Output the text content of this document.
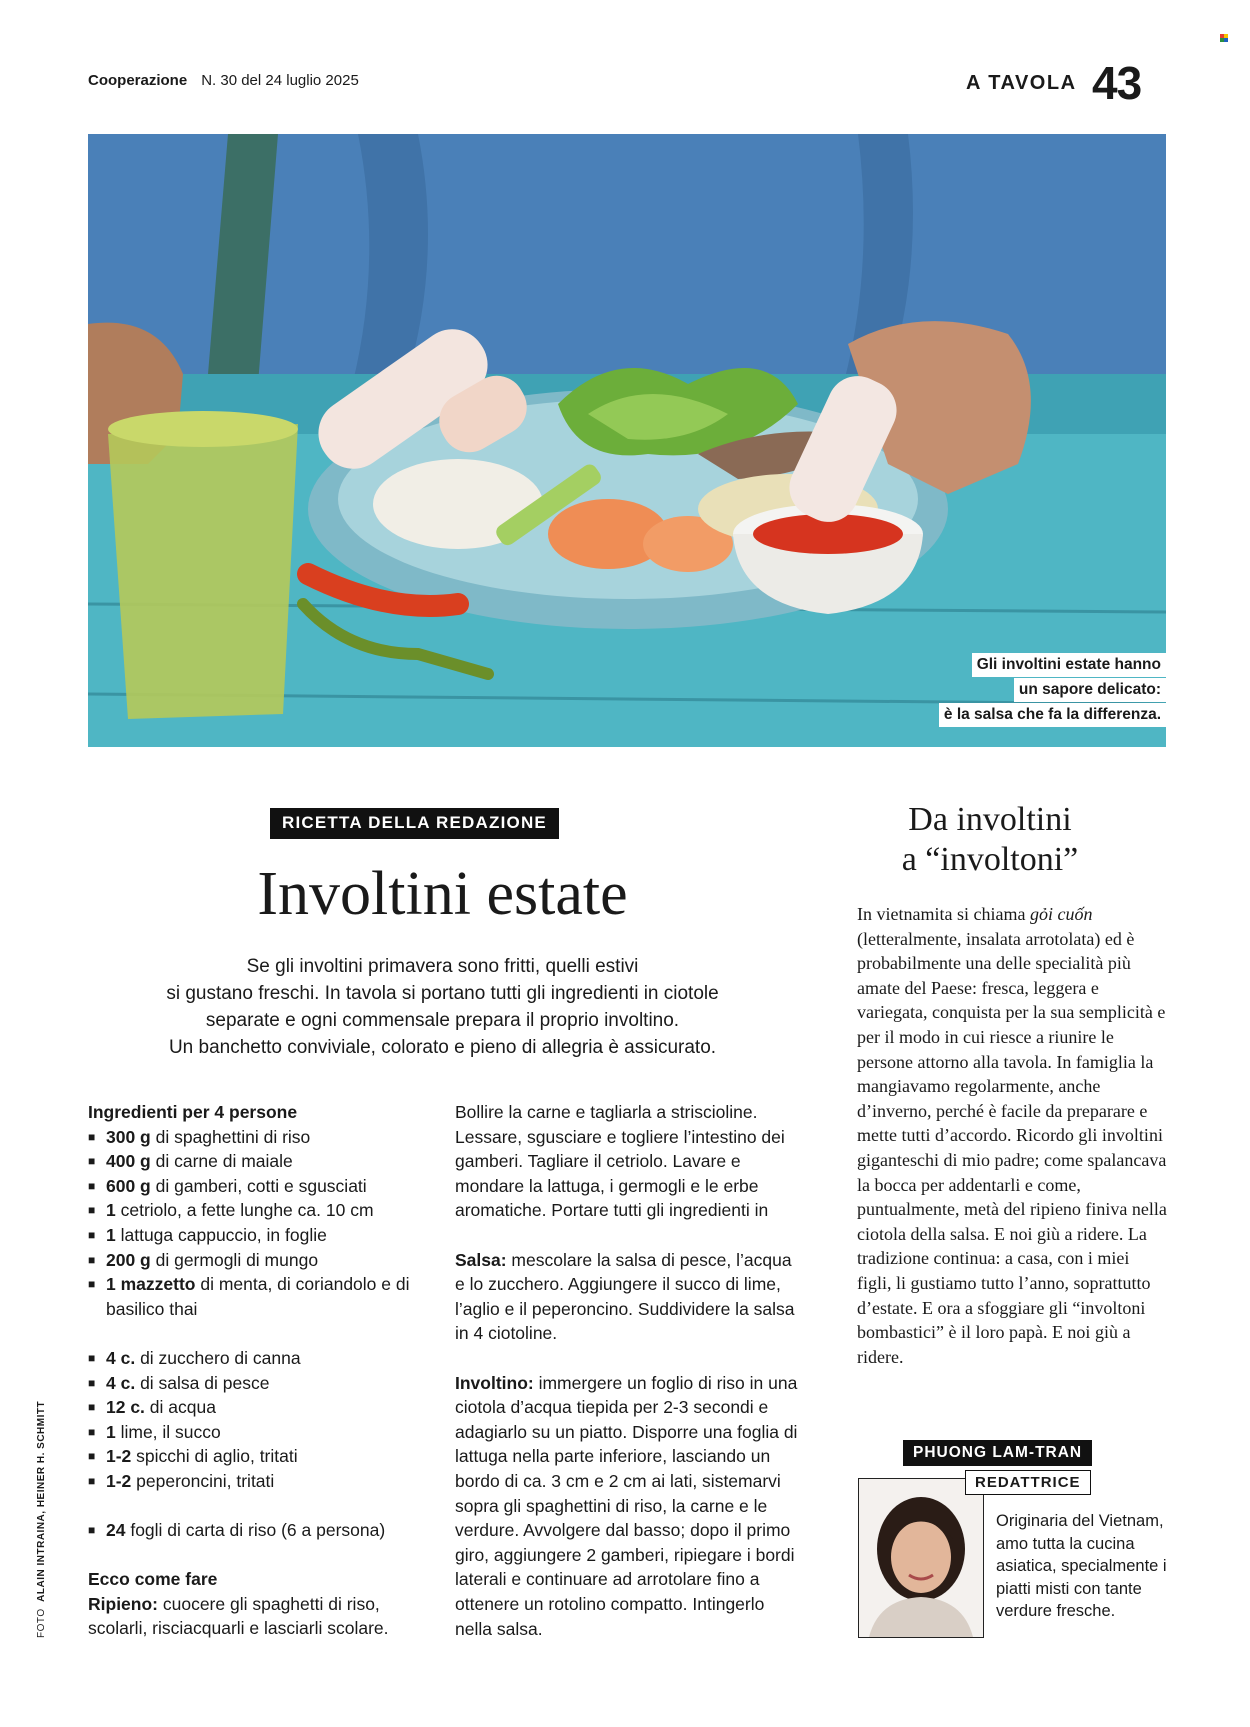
Cooperazione N. 30 del 24 luglio 2025	A TAVOLA 43
Gli involtini estate hanno
un sapore delicato:
è la salsa che fa la differenza.
RICETTA DELLA REDAZIONE
Involtini estate
Se gli involtini primavera sono fritti, quelli estivi
si gustano freschi. In tavola si portano tutti gli ingredienti in ciotole
separate e ogni commensale prepara il proprio involtino.
Un banchetto conviviale, colorato e pieno di allegria è assicurato.
Ingredienti per 4 persone
■ 300 g di spaghettini di riso
■ 400 g di carne di maiale
■ 600 g di gamberi, cotti e sgusciati
■ 1 cetriolo, a fette lunghe ca. 10 cm
■ 1 lattuga cappuccio, in foglie
■ 200 g di germogli di mungo
■ 1 mazzetto di menta, di coriandolo e di basilico thai
■ 4 c. di zucchero di canna
■ 4 c. di salsa di pesce
■ 12 c. di acqua
■ 1 lime, il succo
■ 1-2 spicchi di aglio, tritati
■ 1-2 peperoncini, tritati
■ 24 fogli di carta di riso (6 a persona)
Ecco come fare

Ripieno: cuocere gli spaghetti di riso, scolarli, risciacquarli e lasciarli scolare.

Bollire la carne e tagliarla a striscioline. Lessare, sgusciare e togliere l’intestino dei gamberi. Tagliare il cetriolo. Lavare e mondare la lattuga, i germogli e le erbe aromatiche. Portare tutti gli ingredienti in

Salsa: mescolare la salsa di pesce, l’acqua e lo zucchero. Aggiungere il succo di lime, l’aglio e il peperoncino. Suddividere la salsa in 4 ciotoline.

Involtino: immergere un foglio di riso in una ciotola d’acqua tiepida per 2-3 secondi e adagiarlo su un piatto. Disporre una foglia di lattuga nella parte inferiore, lasciando un bordo di ca. 3 cm e 2 cm ai lati, sistemarvi sopra gli spaghettini di riso, la carne e le verdure. Avvolgere dal basso; dopo il primo giro, aggiungere 2 gamberi, ripiegare i bordi laterali e continuare ad arrotolare fino a ottenere un rotolino compatto. Intingerlo nella salsa.

Da involtini
a “involtoni”
In vietnamita si chiama gỏi cuốn (letteralmente, insalata arrotolata) ed è probabilmente una delle specialità più amate del Paese: fresca, leggera e variegata, conquista per la sua semplicità e per il modo in cui riesce a riunire le persone attorno alla tavola. In famiglia la mangiavamo regolarmente, anche d’inverno, perché è facile da preparare e mette tutti d’accordo. Ricordo gli involtini giganteschi di mio padre; come spalancava la bocca per addentarli e come, puntualmente, metà del ripieno finiva nella ciotola della salsa. E noi giù a ridere. La tradizione continua: a casa, con i miei figli, li gustiamo tutto l’anno, soprattutto d’estate. E ora a sfoggiare gli “involtoni bombastici” è il loro papà. E noi giù a ridere.
PHUONG LAM-TRAN
REDATTRICE
Originaria del Vietnam, amo tutta la cucina asiatica, specialmente i piatti misti con tante verdure fresche.
FOTO  ALAIN INTRAINA, HEINER H. SCHMITT
